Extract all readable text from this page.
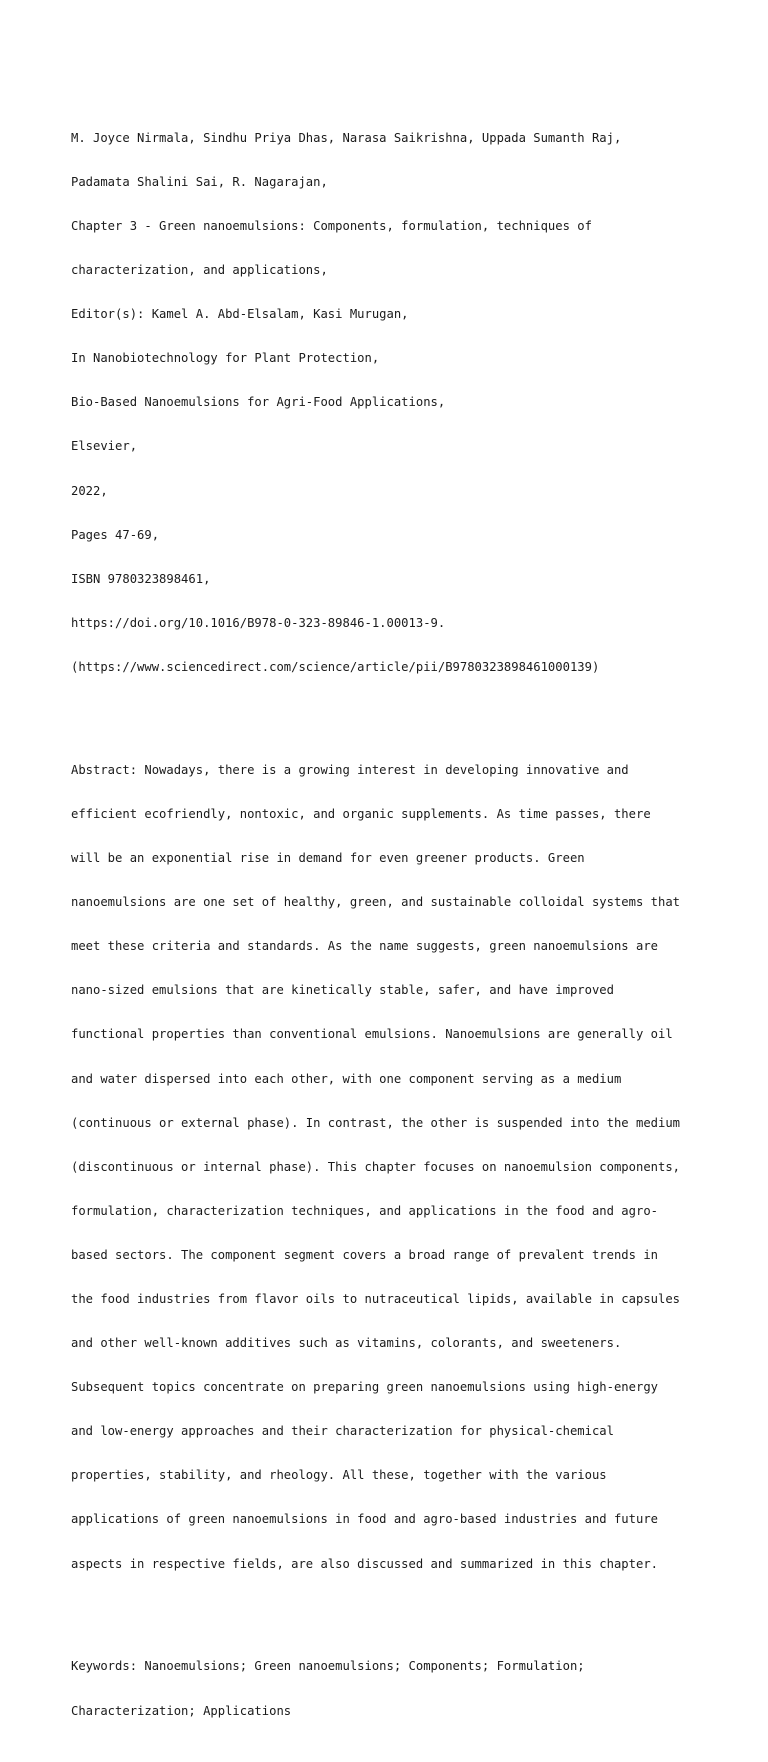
M. Joyce Nirmala, Sindhu Priya Dhas, Narasa Saikrishna, Uppada Sumanth Raj,

Padamata Shalini Sai, R. Nagarajan,

Chapter 3 - Green nanoemulsions: Components, formulation, techniques of

characterization, and applications,

Editor(s): Kamel A. Abd-Elsalam, Kasi Murugan,

In Nanobiotechnology for Plant Protection,

Bio-Based Nanoemulsions for Agri-Food Applications,

Elsevier,

2022,

Pages 47-69,

ISBN 9780323898461,

https://doi.org/10.1016/B978-0-323-89846-1.00013-9.

(https://www.sciencedirect.com/science/article/pii/B9780323898461000139)

Abstract: Nowadays, there is a growing interest in developing innovative and

efficient ecofriendly, nontoxic, and organic supplements. As time passes, there

will be an exponential rise in demand for even greener products. Green

nanoemulsions are one set of healthy, green, and sustainable colloidal systems that

meet these criteria and standards. As the name suggests, green nanoemulsions are

nano-sized emulsions that are kinetically stable, safer, and have improved

functional properties than conventional emulsions. Nanoemulsions are generally oil

and water dispersed into each other, with one component serving as a medium

(continuous or external phase). In contrast, the other is suspended into the medium

(discontinuous or internal phase). This chapter focuses on nanoemulsion components,

formulation, characterization techniques, and applications in the food and agro-

based sectors. The component segment covers a broad range of prevalent trends in

the food industries from flavor oils to nutraceutical lipids, available in capsules

and other well-known additives such as vitamins, colorants, and sweeteners.

Subsequent topics concentrate on preparing green nanoemulsions using high-energy

and low-energy approaches and their characterization for physical-chemical

properties, stability, and rheology. All these, together with the various

applications of green nanoemulsions in food and agro-based industries and future

aspects in respective fields, are also discussed and summarized in this chapter.

Keywords: Nanoemulsions; Green nanoemulsions; Components; Formulation;

Characterization; Applications
